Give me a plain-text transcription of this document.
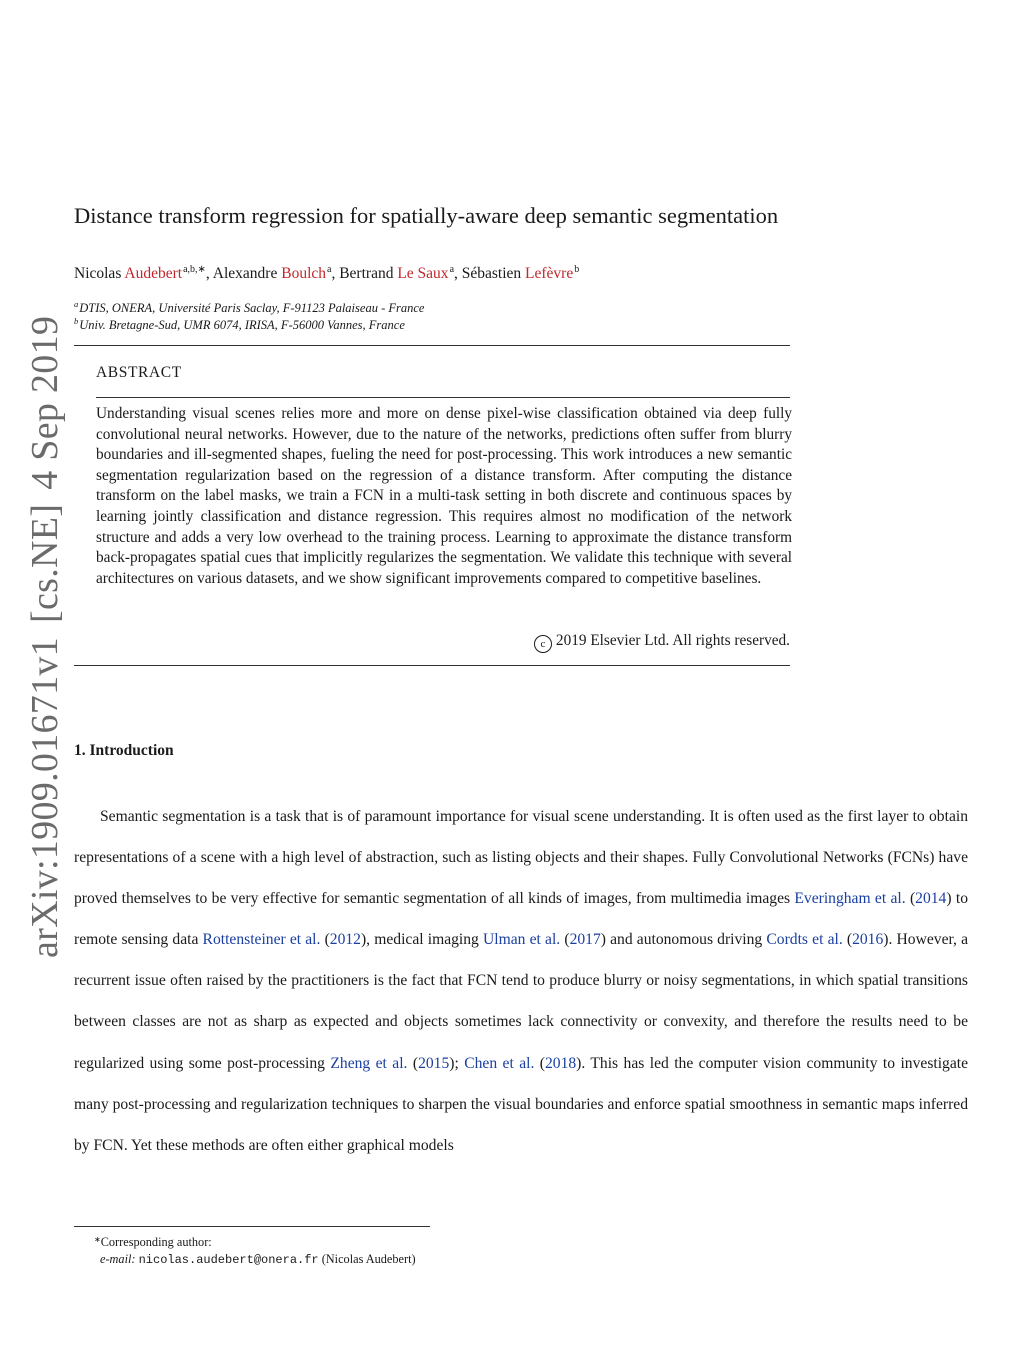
arXiv:1909.01671v1[cs.NE]4 Sep 2019
Distance transform regression for spatially-aware deep semantic segmentation
Nicolas Audebert$^{a,b,∗}$, Alexandre Boulch$^a$, Bertrand Le Saux$^a$, Sébastien Lefèvre$^b$
$^a$DTIS, ONERA, Université Paris Saclay, F-91123 Palaiseau - France
$^b$Univ. Bretagne-Sud, UMR 6074, IRISA, F-56000 Vannes, France
ABSTRACT
Understanding visual scenes relies more and more on dense pixel-wise classification obtained via deep fully convolutional neural networks. However, due to the nature of the networks, predictions often suffer from blurry boundaries and ill-segmented shapes, fueling the need for post-processing. This work introduces a new semantic segmentation regularization based on the regression of a distance transform. After computing the distance transform on the label masks, we train a FCN in a multi-task setting in both discrete and continuous spaces by learning jointly classification and distance regression. This requires almost no modification of the network structure and adds a very low overhead to the training process. Learning to approximate the distance transform back-propagates spatial cues that implicitly regularizes the segmentation. We validate this technique with several architectures on various datasets, and we show significant improvements compared to competitive baselines.
c 2019 Elsevier Ltd. All rights reserved.
1. Introduction
Semantic segmentation is a task that is of paramount importance for visual scene understanding. It is often used as the first layer to obtain representations of a scene with a high level of abstraction, such as listing objects and their shapes. Fully Convolutional Networks (FCNs) have proved themselves to be very effective for semantic segmentation of all kinds of images, from multimedia images Everingham et al. (2014) to remote sensing data Rottensteiner et al. (2012), medical imaging Ulman et al. (2017) and autonomous driving Cordts et al. (2016). However, a recurrent issue often raised by the practitioners is the fact that FCN tend to produce blurry or noisy segmentations, in which spatial transitions between classes are not as sharp as expected and objects sometimes lack connectivity or convexity, and therefore the results need to be regularized using some post-processing Zheng et al. (2015); Chen et al. (2018). This has led the computer vision community to investigate many post-processing and regularization techniques to sharpen the visual boundaries and enforce spatial smoothness in semantic maps inferred by FCN. Yet these methods are often either graphical models
∗Corresponding author:
e-mail: nicolas.audebert@onera.fr (Nicolas Audebert)
